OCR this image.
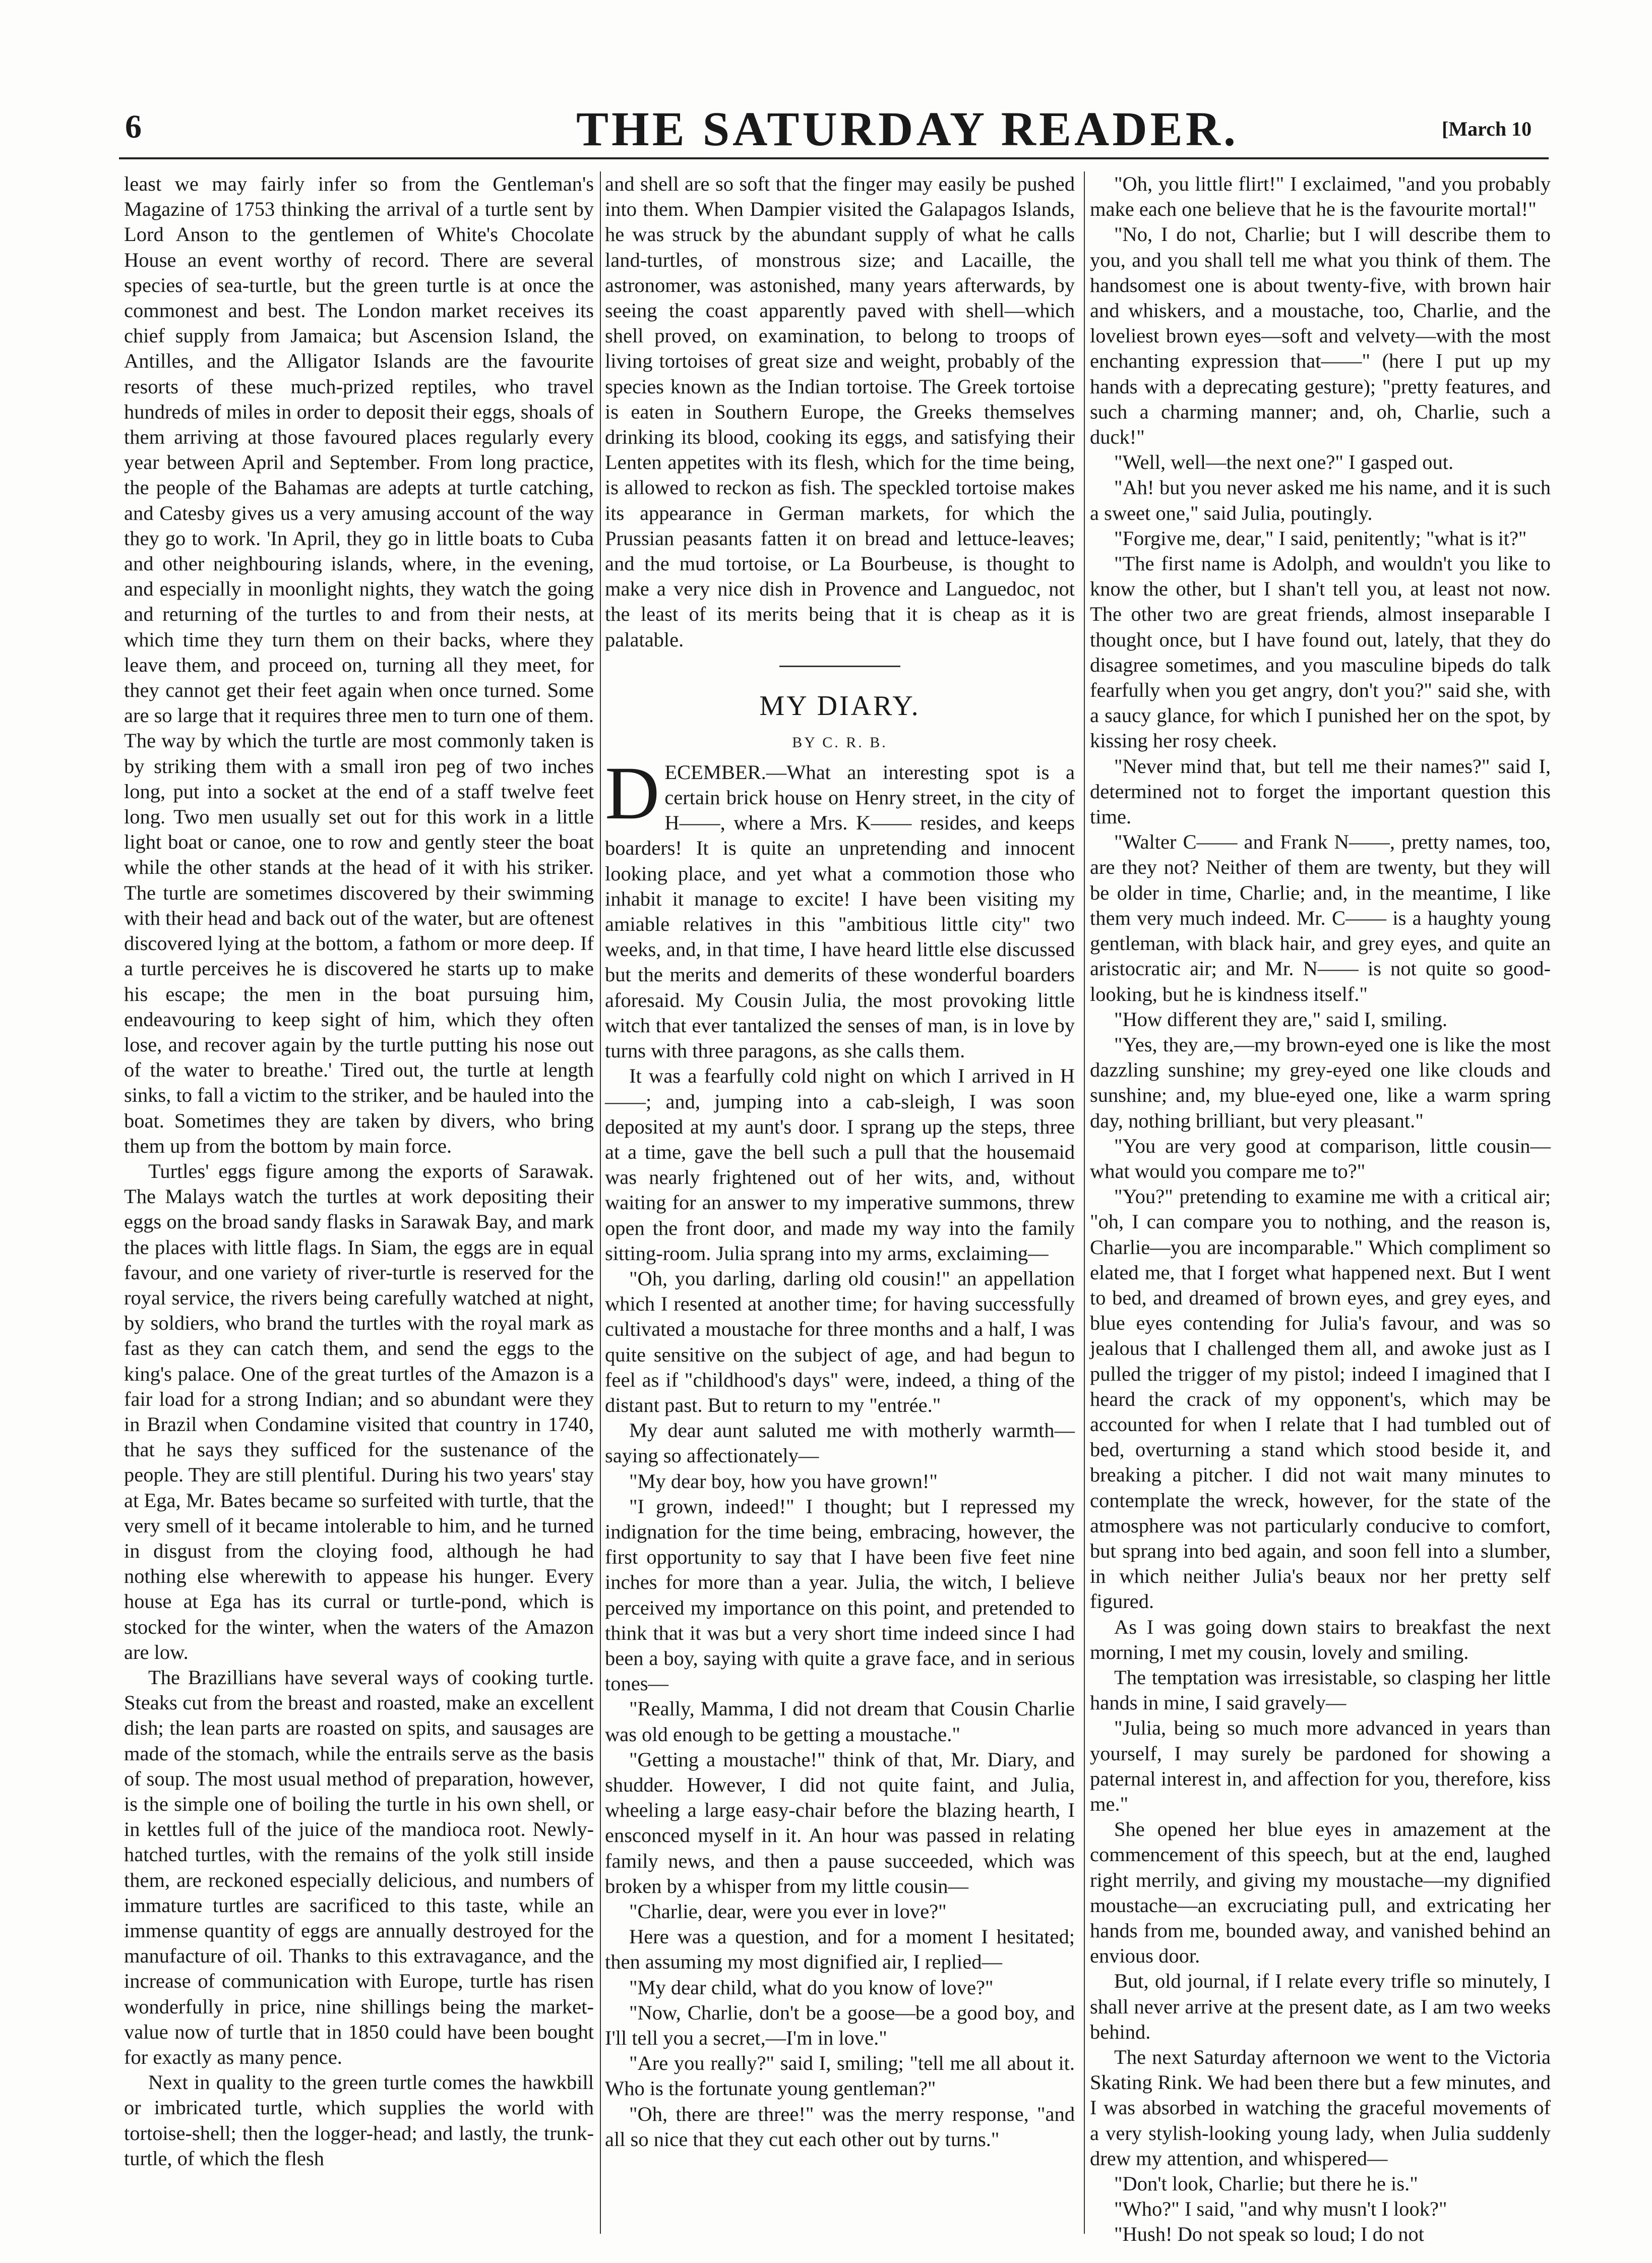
6	THE SATURDAY READER.	[March 10

least we may fairly infer so from the Gentleman's Magazine of 1753 thinking the arrival of a turtle sent by Lord Anson to the gentlemen of White's Chocolate House an event worthy of record. There are several species of sea-turtle, but the green turtle is at once the commonest and best. The London market receives its chief supply from Jamaica; but Ascension Island, the Antilles, and the Alligator Islands are the favourite resorts of these much-prized reptiles, who travel hundreds of miles in order to deposit their eggs, shoals of them arriving at those favoured places regularly every year between April and September. From long practice, the people of the Bahamas are adepts at turtle catching, and Catesby gives us a very amusing account of the way they go to work. 'In April, they go in little boats to Cuba and other neighbouring islands, where, in the evening, and especially in moonlight nights, they watch the going and returning of the turtles to and from their nests, at which time they turn them on their backs, where they leave them, and proceed on, turning all they meet, for they cannot get their feet again when once turned. Some are so large that it requires three men to turn one of them. The way by which the turtle are most commonly taken is by striking them with a small iron peg of two inches long, put into a socket at the end of a staff twelve feet long. Two men usually set out for this work in a little light boat or canoe, one to row and gently steer the boat while the other stands at the head of it with his striker. The turtle are sometimes discovered by their swimming with their head and back out of the water, but are oftenest discovered lying at the bottom, a fathom or more deep. If a turtle perceives he is discovered he starts up to make his escape; the men in the boat pursuing him, endeavouring to keep sight of him, which they often lose, and recover again by the turtle putting his nose out of the water to breathe.' Tired out, the turtle at length sinks, to fall a victim to the striker, and be hauled into the boat. Sometimes they are taken by divers, who bring them up from the bottom by main force.

Turtles' eggs figure among the exports of Sarawak. The Malays watch the turtles at work depositing their eggs on the broad sandy flasks in Sarawak Bay, and mark the places with little flags. In Siam, the eggs are in equal favour, and one variety of river-turtle is reserved for the royal service, the rivers being carefully watched at night, by soldiers, who brand the turtles with the royal mark as fast as they can catch them, and send the eggs to the king's palace. One of the great turtles of the Amazon is a fair load for a strong Indian; and so abundant were they in Brazil when Condamine visited that country in 1740, that he says they sufficed for the sustenance of the people. They are still plentiful. During his two years' stay at Ega, Mr. Bates became so surfeited with turtle, that the very smell of it became intolerable to him, and he turned in disgust from the cloying food, although he had nothing else wherewith to appease his hunger. Every house at Ega has its curral or turtle-pond, which is stocked for the winter, when the waters of the Amazon are low.

The Brazillians have several ways of cooking turtle. Steaks cut from the breast and roasted, make an excellent dish; the lean parts are roasted on spits, and sausages are made of the stomach, while the entrails serve as the basis of soup. The most usual method of preparation, however, is the simple one of boiling the turtle in his own shell, or in kettles full of the juice of the mandioca root. Newly-hatched turtles, with the remains of the yolk still inside them, are reckoned especially delicious, and numbers of immature turtles are sacrificed to this taste, while an immense quantity of eggs are annually destroyed for the manufacture of oil. Thanks to this extravagance, and the increase of communication with Europe, turtle has risen wonderfully in price, nine shillings being the market-value now of turtle that in 1850 could have been bought for exactly as many pence.

Next in quality to the green turtle comes the hawkbill or imbricated turtle, which supplies the world with tortoise-shell; then the logger-head; and lastly, the trunk-turtle, of which the flesh

and shell are so soft that the finger may easily be pushed into them. When Dampier visited the Galapagos Islands, he was struck by the abundant supply of what he calls land-turtles, of monstrous size; and Lacaille, the astronomer, was astonished, many years afterwards, by seeing the coast apparently paved with shell—which shell proved, on examination, to belong to troops of living tortoises of great size and weight, probably of the species known as the Indian tortoise. The Greek tortoise is eaten in Southern Europe, the Greeks themselves drinking its blood, cooking its eggs, and satisfying their Lenten appetites with its flesh, which for the time being, is allowed to reckon as fish. The speckled tortoise makes its appearance in German markets, for which the Prussian peasants fatten it on bread and lettuce-leaves; and the mud tortoise, or La Bourbeuse, is thought to make a very nice dish in Provence and Languedoc, not the least of its merits being that it is cheap as it is palatable.

MY DIARY.
BY C. R. B.

DECEMBER.—What an interesting spot is a certain brick house on Henry street, in the city of H——, where a Mrs. K—— resides, and keeps boarders! It is quite an unpretending and innocent looking place, and yet what a commotion those who inhabit it manage to excite! I have been visiting my amiable relatives in this "ambitious little city" two weeks, and, in that time, I have heard little else discussed but the merits and demerits of these wonderful boarders aforesaid. My Cousin Julia, the most provoking little witch that ever tantalized the senses of man, is in love by turns with three paragons, as she calls them.

It was a fearfully cold night on which I arrived in H——; and, jumping into a cab-sleigh, I was soon deposited at my aunt's door. I sprang up the steps, three at a time, gave the bell such a pull that the housemaid was nearly frightened out of her wits, and, without waiting for an answer to my imperative summons, threw open the front door, and made my way into the family sitting-room. Julia sprang into my arms, exclaiming—

"Oh, you darling, darling old cousin!" an appellation which I resented at another time; for having successfully cultivated a moustache for three months and a half, I was quite sensitive on the subject of age, and had begun to feel as if "childhood's days" were, indeed, a thing of the distant past. But to return to my "entrée."

My dear aunt saluted me with motherly warmth—saying so affectionately—

"My dear boy, how you have grown!"

"I grown, indeed!" I thought; but I repressed my indignation for the time being, embracing, however, the first opportunity to say that I have been five feet nine inches for more than a year. Julia, the witch, I believe perceived my importance on this point, and pretended to think that it was but a very short time indeed since I had been a boy, saying with quite a grave face, and in serious tones—

"Really, Mamma, I did not dream that Cousin Charlie was old enough to be getting a moustache."

"Getting a moustache!" think of that, Mr. Diary, and shudder. However, I did not quite faint, and Julia, wheeling a large easy-chair before the blazing hearth, I ensconced myself in it. An hour was passed in relating family news, and then a pause succeeded, which was broken by a whisper from my little cousin—

"Charlie, dear, were you ever in love?"

Here was a question, and for a moment I hesitated; then assuming my most dignified air, I replied—

"My dear child, what do you know of love?"

"Now, Charlie, don't be a goose—be a good boy, and I'll tell you a secret,—I'm in love."

"Are you really?" said I, smiling; "tell me all about it. Who is the fortunate young gentleman?"

"Oh, there are three!" was the merry response, "and all so nice that they cut each other out by turns."

"Oh, you little flirt!" I exclaimed, "and you probably make each one believe that he is the favourite mortal!"

"No, I do not, Charlie; but I will describe them to you, and you shall tell me what you think of them. The handsomest one is about twenty-five, with brown hair and whiskers, and a moustache, too, Charlie, and the loveliest brown eyes—soft and velvety—with the most enchanting expression that——" (here I put up my hands with a deprecating gesture); "pretty features, and such a charming manner; and, oh, Charlie, such a duck!"

"Well, well—the next one?" I gasped out.

"Ah! but you never asked me his name, and it is such a sweet one," said Julia, poutingly.

"Forgive me, dear," I said, penitently; "what is it?"

"The first name is Adolph, and wouldn't you like to know the other, but I shan't tell you, at least not now. The other two are great friends, almost inseparable I thought once, but I have found out, lately, that they do disagree sometimes, and you masculine bipeds do talk fearfully when you get angry, don't you?" said she, with a saucy glance, for which I punished her on the spot, by kissing her rosy cheek.

"Never mind that, but tell me their names?" said I, determined not to forget the important question this time.

"Walter C—— and Frank N——, pretty names, too, are they not? Neither of them are twenty, but they will be older in time, Charlie; and, in the meantime, I like them very much indeed. Mr. C—— is a haughty young gentleman, with black hair, and grey eyes, and quite an aristocratic air; and Mr. N—— is not quite so good-looking, but he is kindness itself."

"How different they are," said I, smiling.

"Yes, they are,—my brown-eyed one is like the most dazzling sunshine; my grey-eyed one like clouds and sunshine; and, my blue-eyed one, like a warm spring day, nothing brilliant, but very pleasant."

"You are very good at comparison, little cousin—what would you compare me to?"

"You?" pretending to examine me with a critical air; "oh, I can compare you to nothing, and the reason is, Charlie—you are incomparable." Which compliment so elated me, that I forget what happened next. But I went to bed, and dreamed of brown eyes, and grey eyes, and blue eyes contending for Julia's favour, and was so jealous that I challenged them all, and awoke just as I pulled the trigger of my pistol; indeed I imagined that I heard the crack of my opponent's, which may be accounted for when I relate that I had tumbled out of bed, overturning a stand which stood beside it, and breaking a pitcher. I did not wait many minutes to contemplate the wreck, however, for the state of the atmosphere was not particularly conducive to comfort, but sprang into bed again, and soon fell into a slumber, in which neither Julia's beaux nor her pretty self figured.

As I was going down stairs to breakfast the next morning, I met my cousin, lovely and smiling.

The temptation was irresistable, so clasping her little hands in mine, I said gravely—

"Julia, being so much more advanced in years than yourself, I may surely be pardoned for showing a paternal interest in, and affection for you, therefore, kiss me."

She opened her blue eyes in amazement at the commencement of this speech, but at the end, laughed right merrily, and giving my moustache—my dignified moustache—an excruciating pull, and extricating her hands from me, bounded away, and vanished behind an envious door.

But, old journal, if I relate every trifle so minutely, I shall never arrive at the present date, as I am two weeks behind.

The next Saturday afternoon we went to the Victoria Skating Rink. We had been there but a few minutes, and I was absorbed in watching the graceful movements of a very stylish-looking young lady, when Julia suddenly drew my attention, and whispered—

"Don't look, Charlie; but there he is."

"Who?" I said, "and why musn't I look?"

"Hush! Do not speak so loud; I do not
